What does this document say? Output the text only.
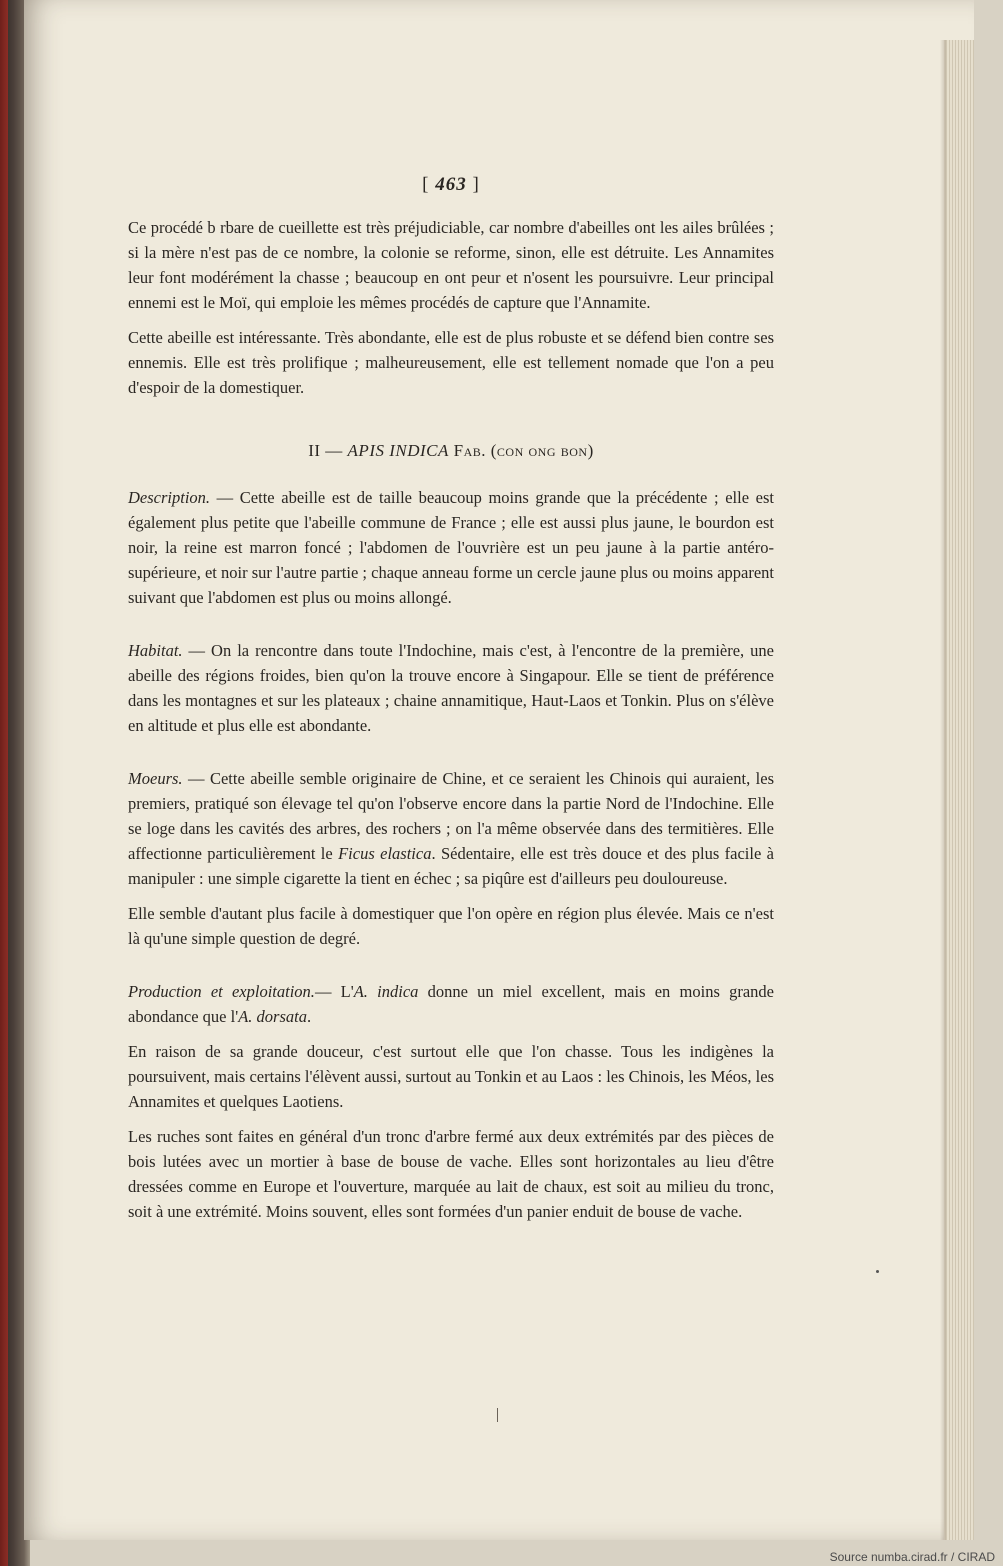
[ 463 ]

Ce procédé b rbare de cueillette est très préjudiciable, car nombre d'abeilles ont les ailes brûlées ; si la mère n'est pas de ce nombre, la colonie se reforme, sinon, elle est détruite. Les Annamites leur font modérément la chasse ; beaucoup en ont peur et n'osent les poursuivre. Leur principal ennemi est le Moï, qui emploie les mêmes procédés de capture que l'Annamite.

Cette abeille est intéressante. Très abondante, elle est de plus robuste et se défend bien contre ses ennemis. Elle est très prolifique ; malheureusement, elle est tellement nomade que l'on a peu d'espoir de la domestiquer.

II — APIS INDICA Fab. (con ong bon)

Description. — Cette abeille est de taille beaucoup moins grande que la précédente ; elle est également plus petite que l'abeille commune de France ; elle est aussi plus jaune, le bourdon est noir, la reine est marron foncé ; l'abdomen de l'ouvrière est un peu jaune à la partie antéro-supérieure, et noir sur l'autre partie ; chaque anneau forme un cercle jaune plus ou moins apparent suivant que l'abdomen est plus ou moins allongé.

Habitat. — On la rencontre dans toute l'Indochine, mais c'est, à l'encontre de la première, une abeille des régions froides, bien qu'on la trouve encore à Singapour. Elle se tient de préférence dans les montagnes et sur les plateaux ; chaine annamitique, Haut-Laos et Tonkin. Plus on s'élève en altitude et plus elle est abondante.

Moeurs. — Cette abeille semble originaire de Chine, et ce seraient les Chinois qui auraient, les premiers, pratiqué son élevage tel qu'on l'observe encore dans la partie Nord de l'Indochine. Elle se loge dans les cavités des arbres, des rochers ; on l'a même observée dans des termitières. Elle affectionne particulièrement le Ficus elastica. Sédentaire, elle est très douce et des plus facile à manipuler : une simple cigarette la tient en échec ; sa piqûre est d'ailleurs peu douloureuse.

Elle semble d'autant plus facile à domestiquer que l'on opère en région plus élevée. Mais ce n'est là qu'une simple question de degré.

Production et exploitation.— L'A. indica donne un miel excellent, mais en moins grande abondance que l'A. dorsata.

En raison de sa grande douceur, c'est surtout elle que l'on chasse. Tous les indigènes la poursuivent, mais certains l'élèvent aussi, surtout au Tonkin et au Laos : les Chinois, les Méos, les Annamites et quelques Laotiens.

Les ruches sont faites en général d'un tronc d'arbre fermé aux deux extrémités par des pièces de bois lutées avec un mortier à base de bouse de vache. Elles sont horizontales au lieu d'être dressées comme en Europe et l'ouverture, marquée au lait de chaux, est soit au milieu du tronc, soit à une extrémité. Moins souvent, elles sont formées d'un panier enduit de bouse de vache.

Source numba.cirad.fr / CIRAD
